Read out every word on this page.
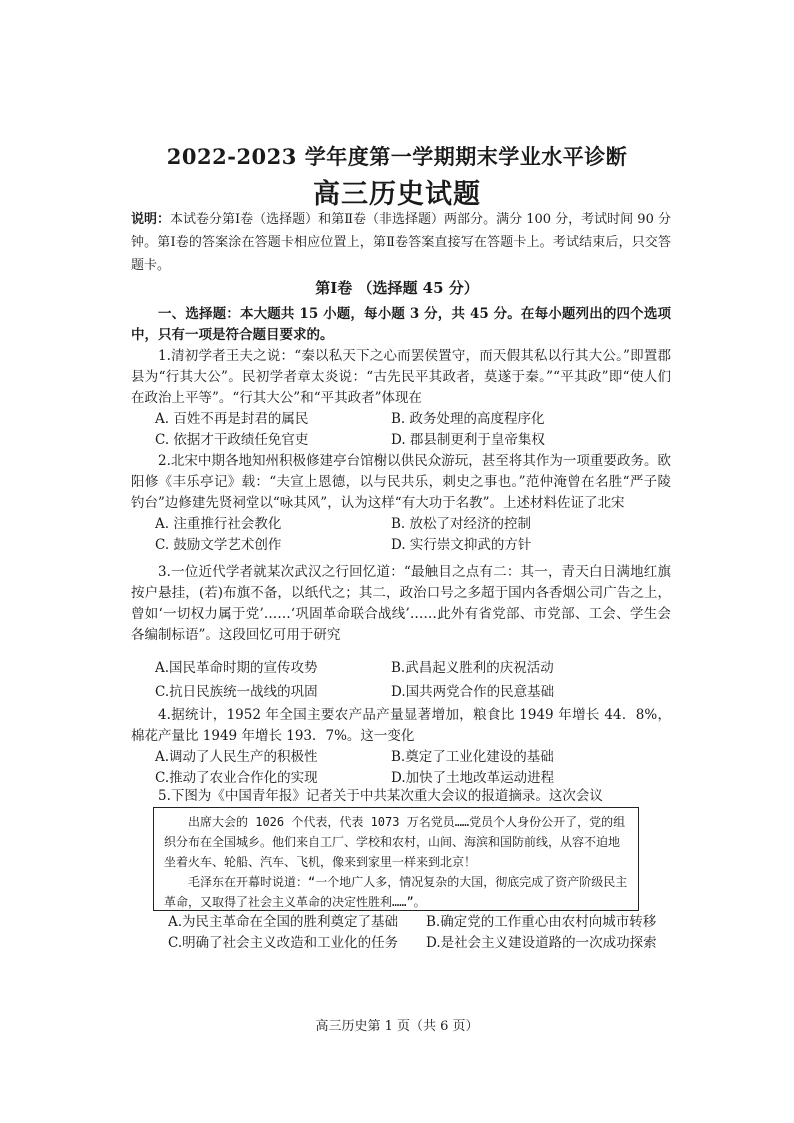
2022-2023 学年度第一学期期末学业水平诊断
高三历史试题
说明：本试卷分第Ⅰ卷（选择题）和第Ⅱ卷（非选择题）两部分。满分 100 分，考试时间 90 分钟。第Ⅰ卷的答案涂在答题卡相应位置上，第Ⅱ卷答案直接写在答题卡上。考试结束后，只交答题卡。
第Ⅰ卷 （选择题 45 分）
一、选择题：本大题共 15 小题，每小题 3 分，共 45 分。在每小题列出的四个选项中，只有一项是符合题目要求的。
1.清初学者王夫之说：“秦以私天下之心而罢侯置守，而天假其私以行其大公。”即置郡县为“行其大公”。民初学者章太炎说：“古先民平其政者，莫遂于秦。”“平其政”即“使人们在政治上平等”。“行其大公”和“平其政者”体现在
A. 百姓不再是封君的属民	B. 政务处理的高度程序化
C. 依据才干政绩任免官吏	D. 郡县制更利于皇帝集权
2.北宋中期各地知州积极修建亭台馆榭以供民众游玩，甚至将其作为一项重要政务。欧阳修《丰乐亭记》载：“夫宣上恩德，以与民共乐，刺史之事也。”范仲淹曾在名胜“严子陵钓台”边修建先贤祠堂以“咏其风”，认为这样“有大功于名教”。上述材料佐证了北宋
A. 注重推行社会教化	B. 放松了对经济的控制
C. 鼓励文学艺术创作	D. 实行崇文抑武的方针
3.一位近代学者就某次武汉之行回忆道：“最触目之点有二：其一，青天白日满地红旗按户悬挂，(若)布旗不备，以纸代之；其二，政治口号之多超于国内各香烟公司广告之上，曾如‘一切权力属于党’……‘巩固革命联合战线’……此外有省党部、市党部、工会、学生会各编制标语”。这段回忆可用于研究
A.国民革命时期的宣传攻势	B.武昌起义胜利的庆祝活动
C.抗日民族统一战线的巩固	D.国共两党合作的民意基础
4.据统计，1952 年全国主要农产品产量显著增加，粮食比 1949 年增长 44．8%，棉花产量比 1949 年增长 193．7%。这一变化
A.调动了人民生产的积极性	B.奠定了工业化建设的基础
C.推动了农业合作化的实现	D.加快了土地改革运动进程
5.下图为《中国青年报》记者关于中共某次重大会议的报道摘录。这次会议

出席大会的 1026 个代表，代表 1073 万名党员……党员个人身份公开了，党的组织分布在全国城乡。他们来自工厂、学校和农村，山间、海滨和国防前线，从容不迫地坐着火车、轮船、汽车、飞机，像来到家里一样来到北京！

毛泽东在开幕时说道：“一个地广人多，情况复杂的大国，彻底完成了资产阶级民主革命，又取得了社会主义革命的决定性胜利……”。

A.为民主革命在全国的胜利奠定了基础	B.确定党的工作重心由农村向城市转移
C.明确了社会主义改造和工业化的任务	D.是社会主义建设道路的一次成功探索
高三历史第 1 页（共 6 页）
